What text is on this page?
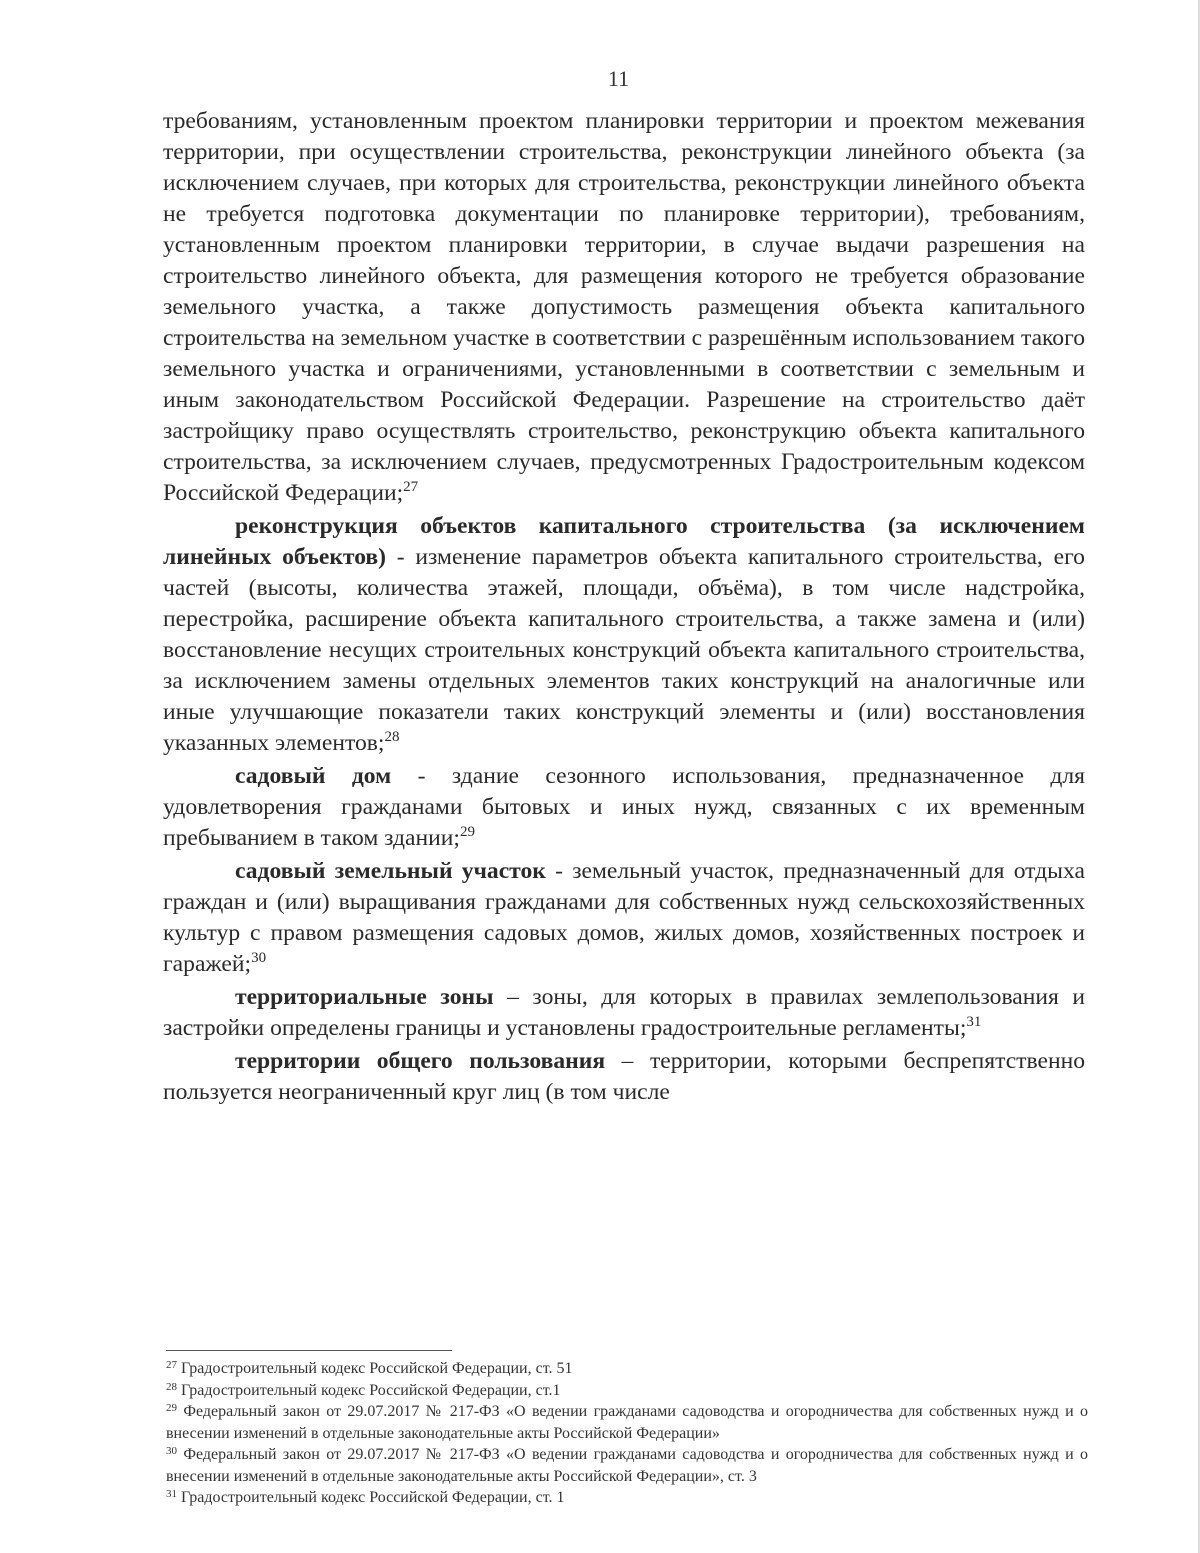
11

требованиям, установленным проектом планировки территории и проектом межевания территории, при осуществлении строительства, реконструкции линейного объекта (за исключением случаев, при которых для строительства, реконструкции линейного объекта не требуется подготовка документации по планировке территории), требованиям, установленным проектом планировки территории, в случае выдачи разрешения на строительство линейного объекта, для размещения которого не требуется образование земельного участка, а также допустимость размещения объекта капитального строительства на земельном участке в соответствии с разрешённым использованием такого земельного участка и ограничениями, установленными в соответствии с земельным и иным законодательством Российской Федерации. Разрешение на строительство даёт застройщику право осуществлять строительство, реконструкцию объекта капитального строительства, за исключением случаев, предусмотренных Градостроительным кодексом Российской Федерации;$^{27}$

реконструкция объектов капитального строительства (за исключением линейных объектов) - изменение параметров объекта капитального строительства, его частей (высоты, количества этажей, площади, объёма), в том числе надстройка, перестройка, расширение объекта капитального строительства, а также замена и (или) восстановление несущих строительных конструкций объекта капитального строительства, за исключением замены отдельных элементов таких конструкций на аналогичные или иные улучшающие показатели таких конструкций элементы и (или) восстановления указанных элементов;$^{28}$

садовый дом - здание сезонного использования, предназначенное для удовлетворения гражданами бытовых и иных нужд, связанных с их временным пребыванием в таком здании;$^{29}$

садовый земельный участок - земельный участок, предназначенный для отдыха граждан и (или) выращивания гражданами для собственных нужд сельскохозяйственных культур с правом размещения садовых домов, жилых домов, хозяйственных построек и гаражей;$^{30}$

территориальные зоны – зоны, для которых в правилах землепользования и застройки определены границы и установлены градостроительные регламенты;$^{31}$

территории общего пользования – территории, которыми беспрепятственно пользуется неограниченный круг лиц (в том числе

$^{27}$ Градостроительный кодекс Российской Федерации, ст. 51

$^{28}$ Градостроительный кодекс Российской Федерации, ст.1

$^{29}$ Федеральный закон от 29.07.2017 № 217-ФЗ «О ведении гражданами садоводства и огородничества для собственных нужд и о внесении изменений в отдельные законодательные акты Российской Федерации»

$^{30}$ Федеральный закон от 29.07.2017 № 217-ФЗ «О ведении гражданами садоводства и огородничества для собственных нужд и о внесении изменений в отдельные законодательные акты Российской Федерации», ст. 3

$^{31}$ Градостроительный кодекс Российской Федерации, ст. 1
